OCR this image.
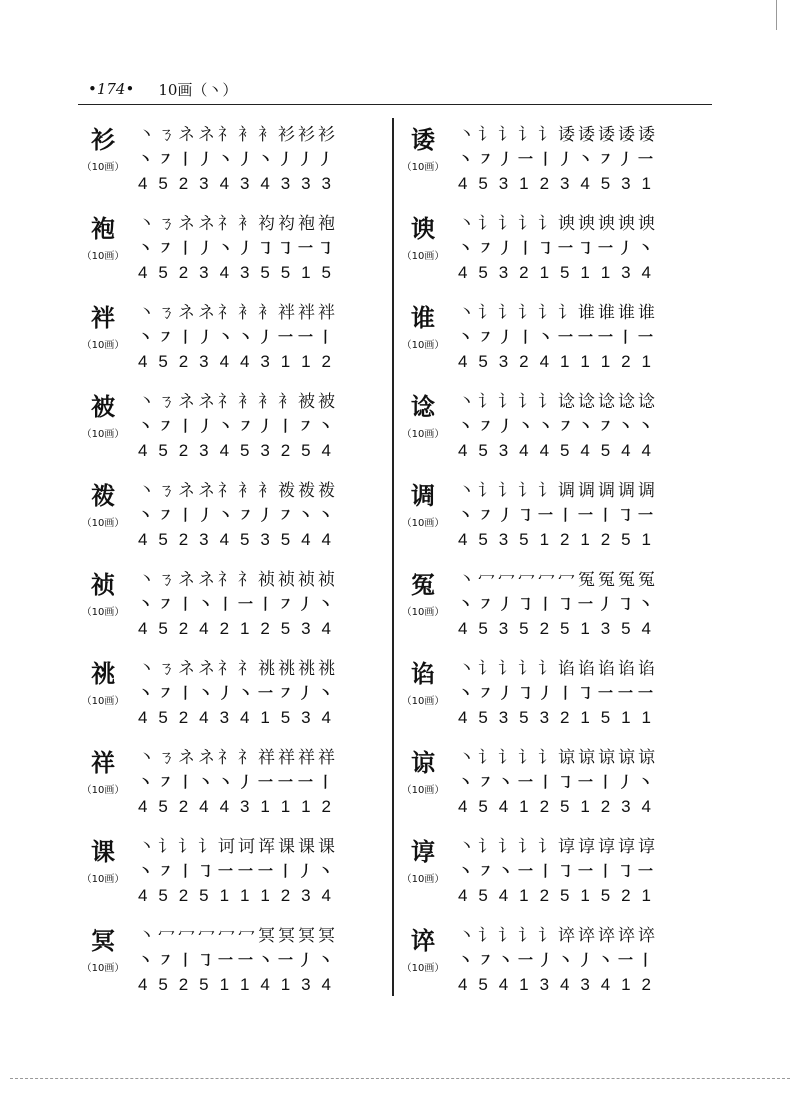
•174• 10画（丶）
衫
（10画）
丶 ㄋ ネ ネ 礻 衤 衤 衫 衫 衫
丶 ㇇ 丨 丿 丶 丿 丶 丿 丿 丿
4 5 2 3 4 3 4 3 3 3
袍
（10画）
丶 ㄋ ネ ネ 礻 衤 袀 袀 袍 袍
丶 ㇇ 丨 丿 丶 丿 ㇆ ㇆ 一 ㇆
4 5 2 3 4 3 5 5 1 5
袢
（10画）
丶 ㄋ ネ ネ 礻 衤 衤 袢 袢 袢
丶 ㇇ 丨 丿 丶 丶 丿 一 一 丨
4 5 2 3 4 4 3 1 1 2
被
（10画）
丶 ㄋ ネ ネ 礻 衤 衤 衤 被 被
丶 ㇇ 丨 丿 丶 ㇇ 丿 丨 ㇇ 丶
4 5 2 3 4 5 3 2 5 4
袯
（10画）
丶 ㄋ ネ ネ 礻 衤 衤 袯 袯 袯
丶 ㇇ 丨 丿 丶 ㇇ 丿 ㇇ 丶 丶
4 5 2 3 4 5 3 5 4 4
祯
（10画）
丶 ㄋ ネ ネ 礻 礻 祯 祯 祯 祯
丶 ㇇ 丨 丶 丨 一 丨 ㇇ 丿 丶
4 5 2 4 2 1 2 5 3 4
祧
（10画）
丶 ㄋ ネ ネ 礻 礻 祧 祧 祧 祧
丶 ㇇ 丨 丶 丿 丶 一 ㇇ 丿 丶
4 5 2 4 3 4 1 5 3 4
祥
（10画）
丶 ㄋ ネ ネ 礻 礻 祥 祥 祥 祥
丶 ㇇ 丨 丶 丶 丿 一 一 一 丨
4 5 2 4 4 3 1 1 1 2
课
（10画）
丶 讠 讠 讠 诃 诃 诨 课 课 课
丶 ㇇ 丨 ㇆ 一 一 一 丨 丿 丶
4 5 2 5 1 1 1 2 3 4
冥
（10画）
丶 冖 冖 冖 冖 冖 冥 冥 冥 冥
丶 ㇇ 丨 ㇆ 一 一 丶 一 丿 丶
4 5 2 5 1 1 4 1 3 4
诿
（10画）
丶 讠 讠 讠 讠 诿 诿 诿 诿 诿
丶 ㇇ 丿 一 丨 丿 丶 ㇇ 丿 一
4 5 3 1 2 3 4 5 3 1
谀
（10画）
丶 讠 讠 讠 讠 谀 谀 谀 谀 谀
丶 ㇇ 丿 丨 ㇆ 一 ㇆ 一 丿 丶
4 5 3 2 1 5 1 1 3 4
谁
（10画）
丶 讠 讠 讠 讠 讠 谁 谁 谁 谁
丶 ㇇ 丿 丨 丶 一 一 一 丨 一
4 5 3 2 4 1 1 1 2 1
谂
（10画）
丶 讠 讠 讠 讠 谂 谂 谂 谂 谂
丶 ㇇ 丿 丶 丶 ㇇ 丶 ㇇ 丶 丶
4 5 3 4 4 5 4 5 4 4
调
（10画）
丶 讠 讠 讠 讠 调 调 调 调 调
丶 ㇇ 丿 ㇆ 一 丨 一 丨 ㇆ 一
4 5 3 5 1 2 1 2 5 1
冤
（10画）
丶 冖 冖 冖 冖 冖 冤 冤 冤 冤
丶 ㇇ 丿 ㇆ 丨 ㇆ 一 丿 ㇆ 丶
4 5 3 5 2 5 1 3 5 4
谄
（10画）
丶 讠 讠 讠 讠 谄 谄 谄 谄 谄
丶 ㇇ 丿 ㇆ 丿 丨 ㇆ 一 一 一
4 5 3 5 3 2 1 5 1 1
谅
（10画）
丶 讠 讠 讠 讠 谅 谅 谅 谅 谅
丶 ㇇ 丶 一 丨 ㇆ 一 丨 丿 丶
4 5 4 1 2 5 1 2 3 4
谆
（10画）
丶 讠 讠 讠 讠 谆 谆 谆 谆 谆
丶 ㇇ 丶 一 丨 ㇆ 一 丨 ㇆ 一
4 5 4 1 2 5 1 5 2 1
谇
（10画）
丶 讠 讠 讠 讠 谇 谇 谇 谇 谇
丶 ㇇ 丶 一 丿 丶 丿 丶 一 丨
4 5 4 1 3 4 3 4 1 2
